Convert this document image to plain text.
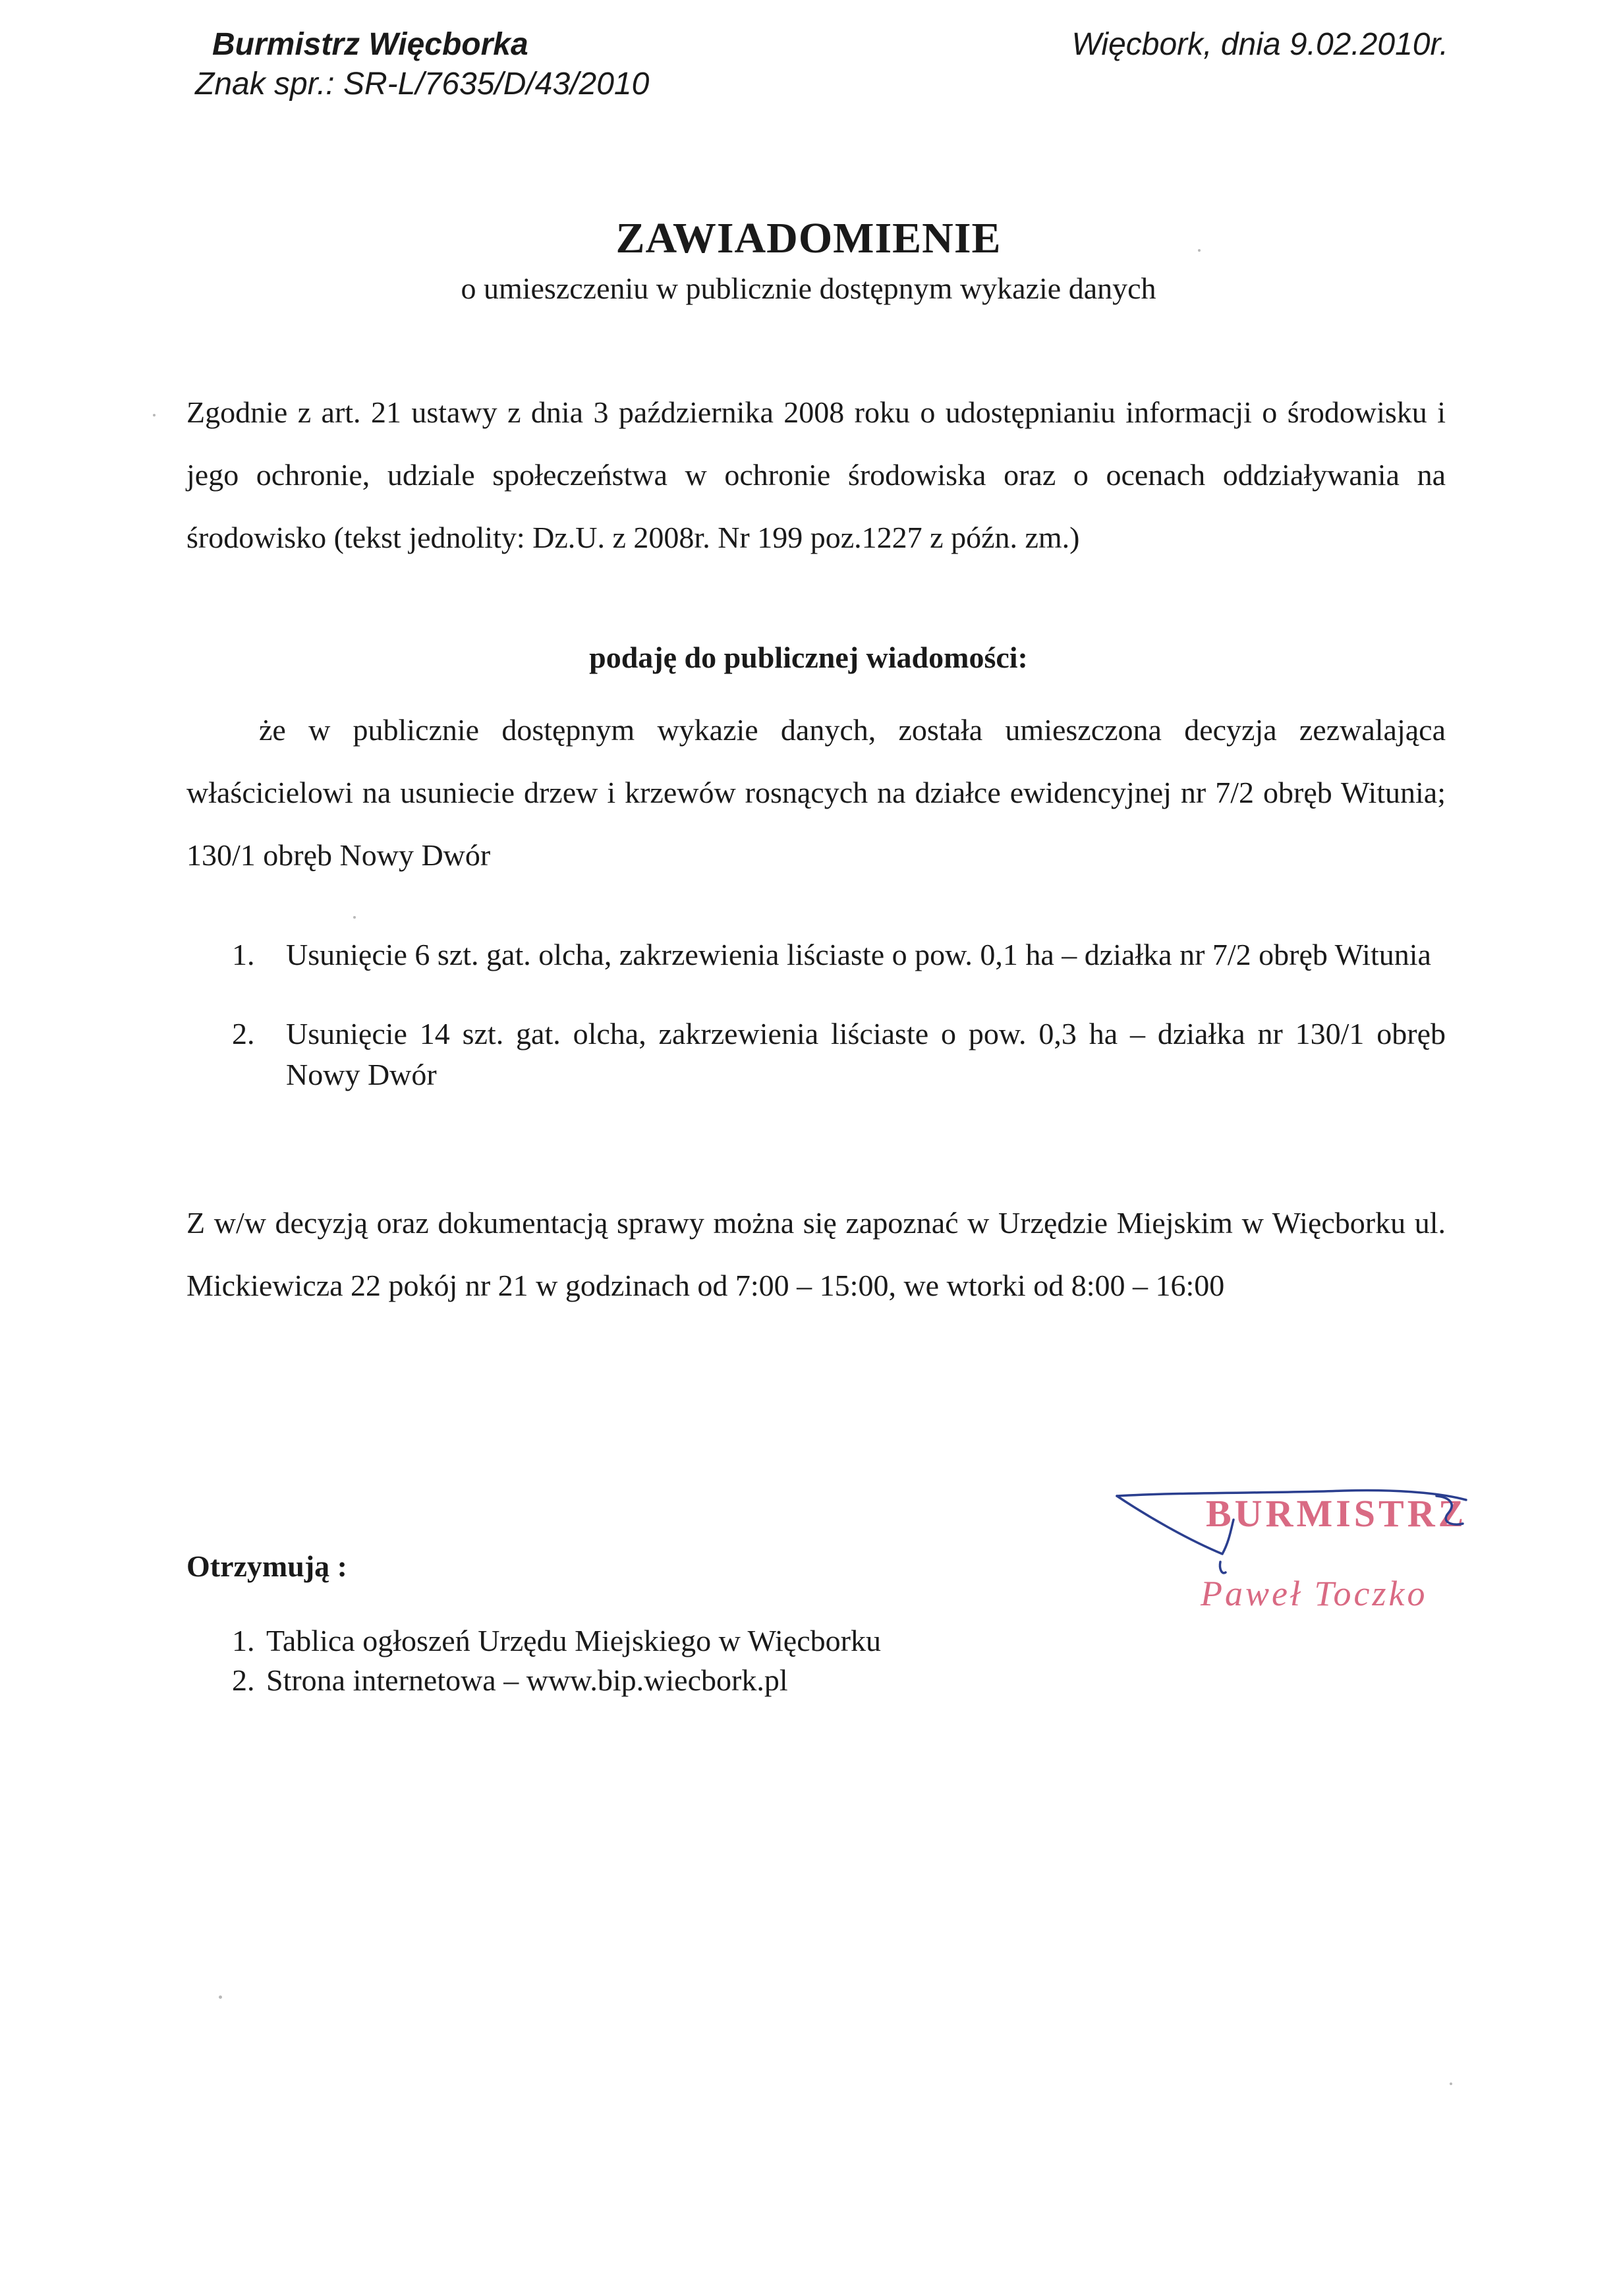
Burmistrz Więcborka
Znak spr.: SR-L/7635/D/43/2010
Więcbork, dnia 9.02.2010r.
ZAWIADOMIENIE
o umieszczeniu w publicznie dostępnym wykazie danych
Zgodnie z art. 21 ustawy z dnia 3 października 2008 roku o udostępnianiu informacji o środowisku i jego ochronie, udziale społeczeństwa w ochronie środowiska oraz o ocenach oddziaływania na środowisko (tekst jednolity: Dz.U. z 2008r. Nr 199 poz.1227 z późn. zm.)
podaję do publicznej wiadomości:
że w publicznie dostępnym wykazie danych, została umieszczona decyzja zezwalająca właścicielowi na usuniecie drzew i krzewów rosnących na działce ewidencyjnej nr 7/2 obręb Witunia; 130/1 obręb Nowy Dwór
1.	Usunięcie 6 szt. gat. olcha, zakrzewienia liściaste o pow. 0,1 ha – działka nr 7/2 obręb Witunia
2.	Usunięcie 14 szt. gat. olcha, zakrzewienia liściaste o pow. 0,3 ha – działka nr 130/1 obręb Nowy Dwór
Z w/w decyzją oraz dokumentacją sprawy można się zapoznać w Urzędzie Miejskim w Więcborku ul. Mickiewicza 22 pokój nr 21 w godzinach od 7:00 – 15:00, we wtorki od 8:00 – 16:00
Otrzymują :
1. Tablica ogłoszeń Urzędu Miejskiego w Więcborku
2. Strona internetowa – www.bip.wiecbork.pl
BURMISTRZ
Paweł Toczko
